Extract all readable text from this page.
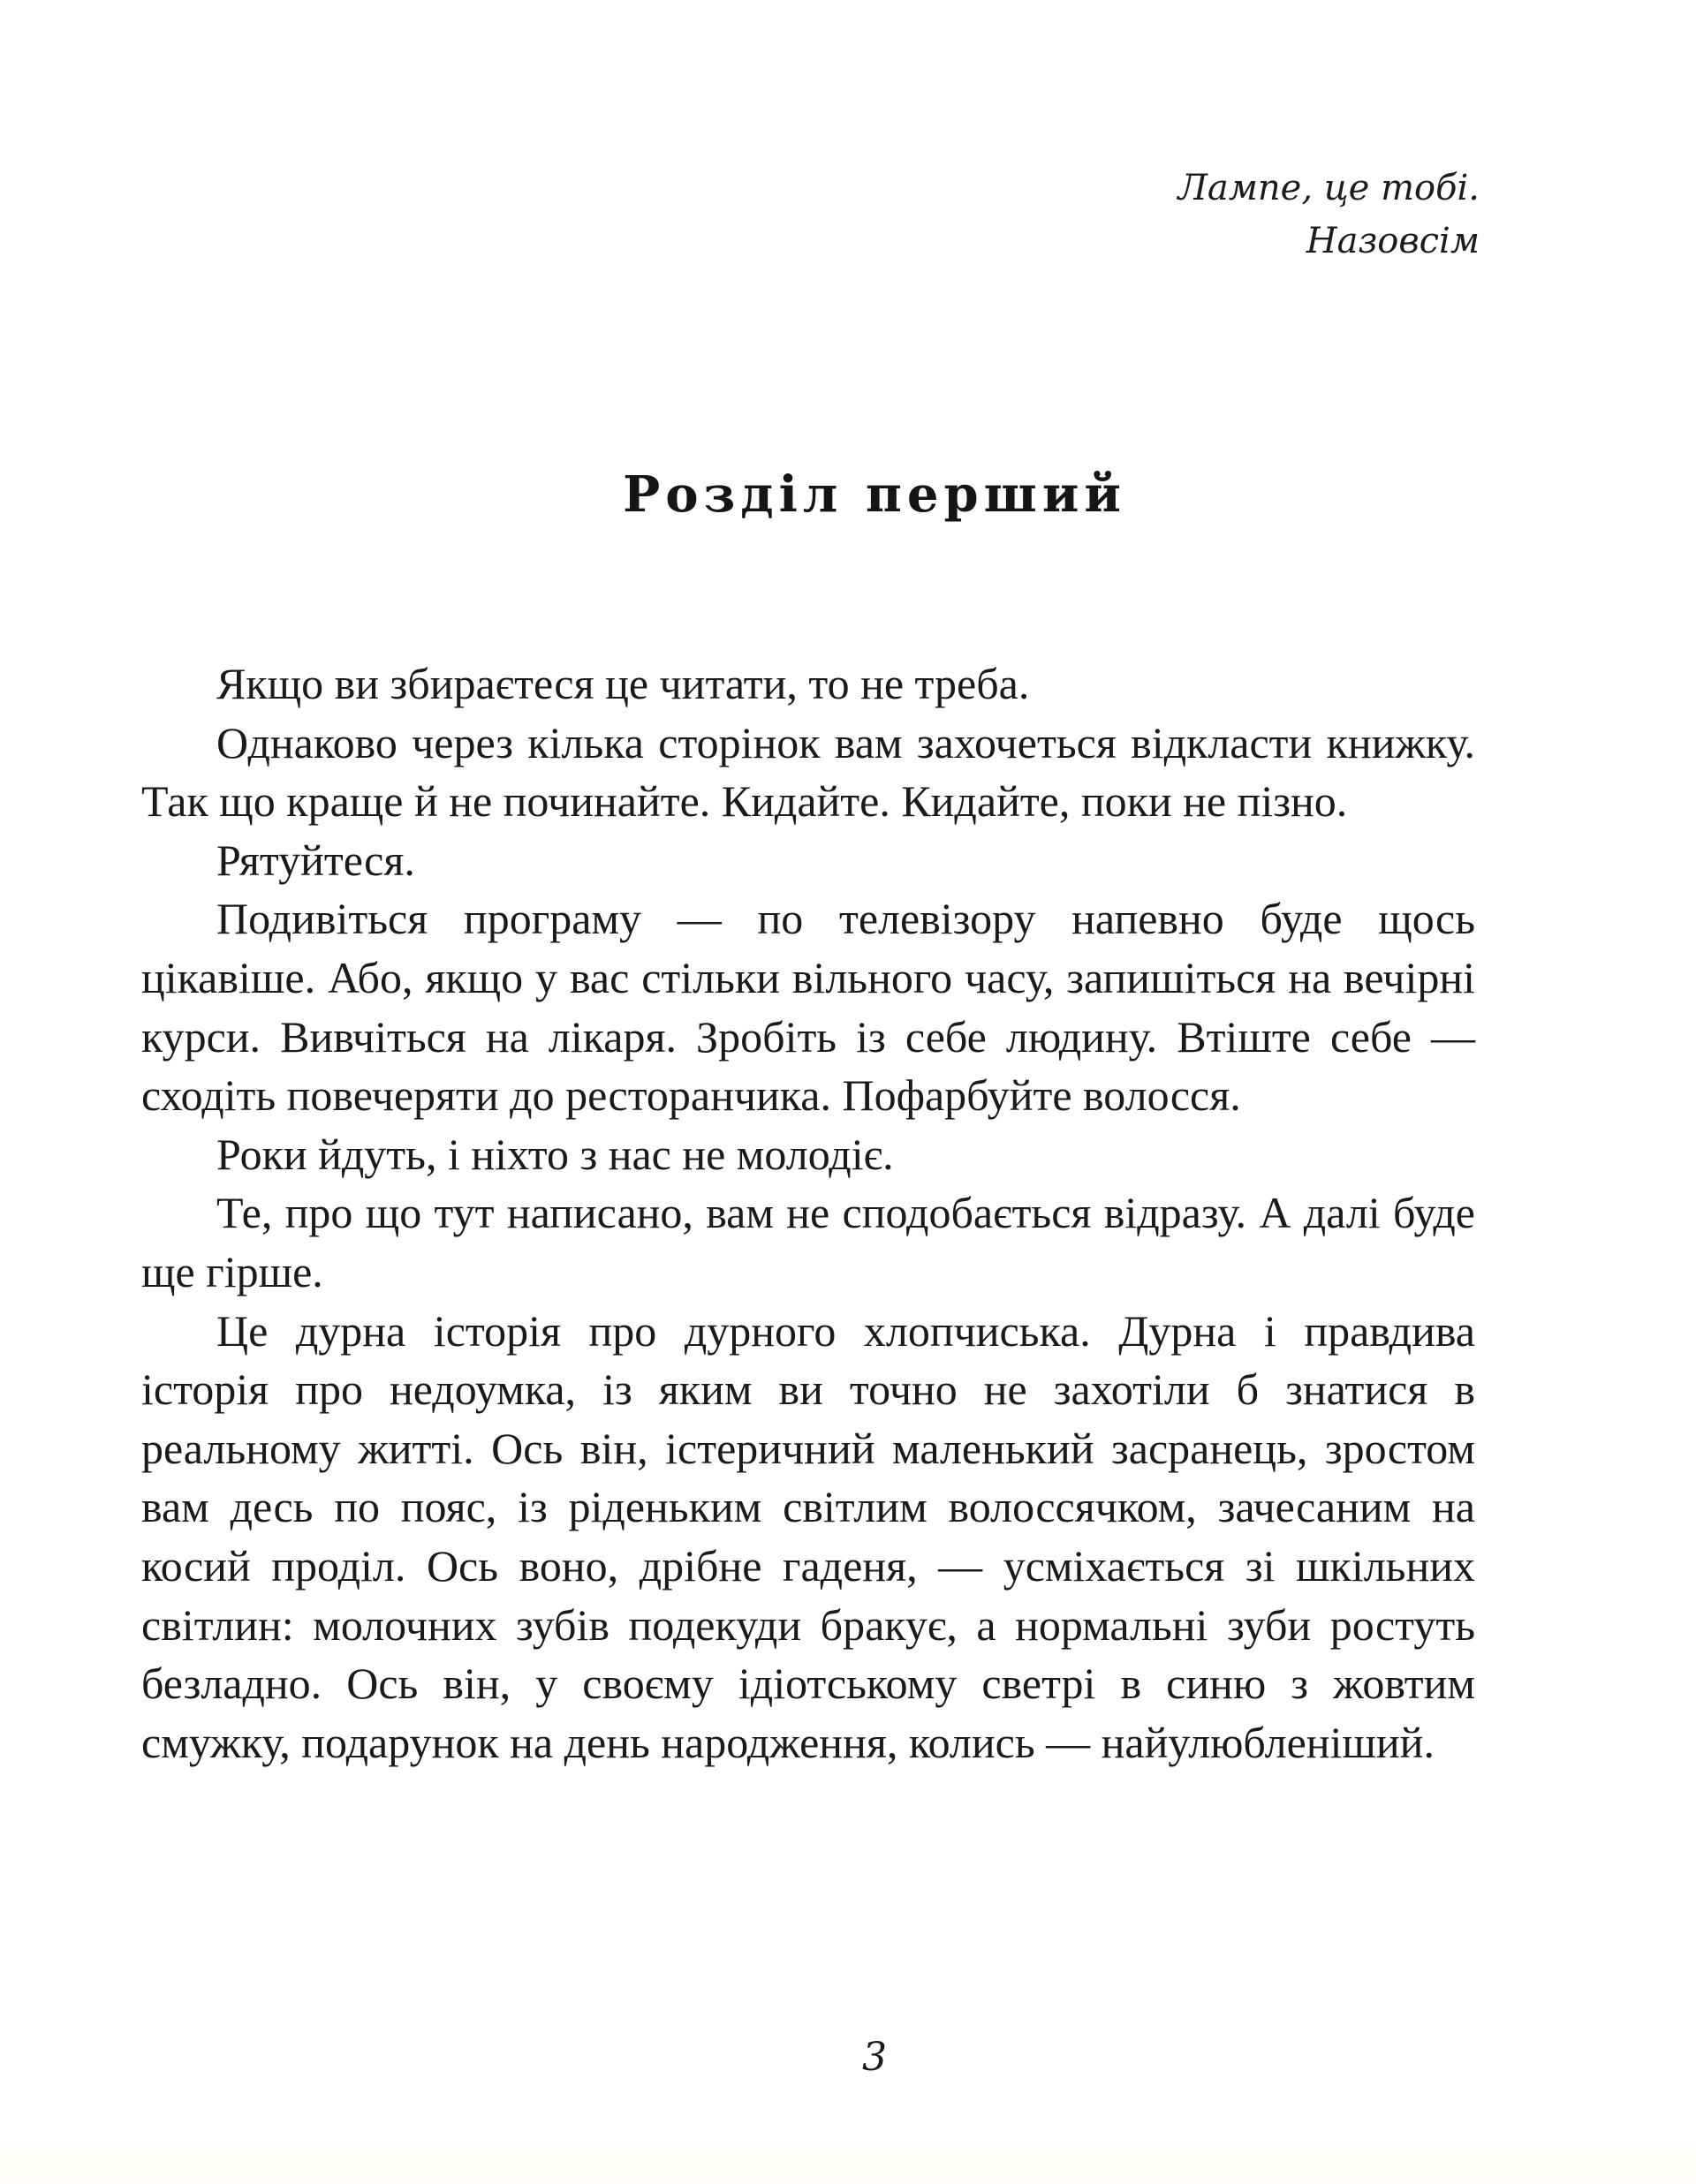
Лампе, це тобі.
Назовсім
Розділ перший

Якщо ви збираєтеся це читати, то не треба.

Однаково через кілька сторінок вам захочеться відкласти книжку. Так що краще й не починайте. Кидайте. Кидайте, поки не пізно.

Рятуйтеся.

Подивіться програму — по телевізору напевно буде щось цікавіше. Або, якщо у вас стільки вільного часу, запишіться на вечірні курси. Вивчіться на лікаря. Зробіть із себе людину. Втіште себе — сходіть повечеряти до ресторанчика. Пофарбуйте волосся.

Роки йдуть, і ніхто з нас не молодіє.

Те, про що тут написано, вам не сподобається відразу. А далі буде ще гірше.

Це дурна історія про дурного хлопчиська. Дурна і правдива історія про недоумка, із яким ви точно не захотіли б знатися в реальному житті. Ось він, істеричний маленький засранець, зростом вам десь по пояс, із ріденьким світлим волоссячком, зачесаним на косий проділ. Ось воно, дрібне гаденя, — усміхається зі шкільних світлин: молочних зубів подекуди бракує, а нормальні зуби ростуть безладно. Ось він, у своєму ідіотському светрі в синю з жовтим смужку, подарунок на день народження, колись — найулюбленіший.

3
